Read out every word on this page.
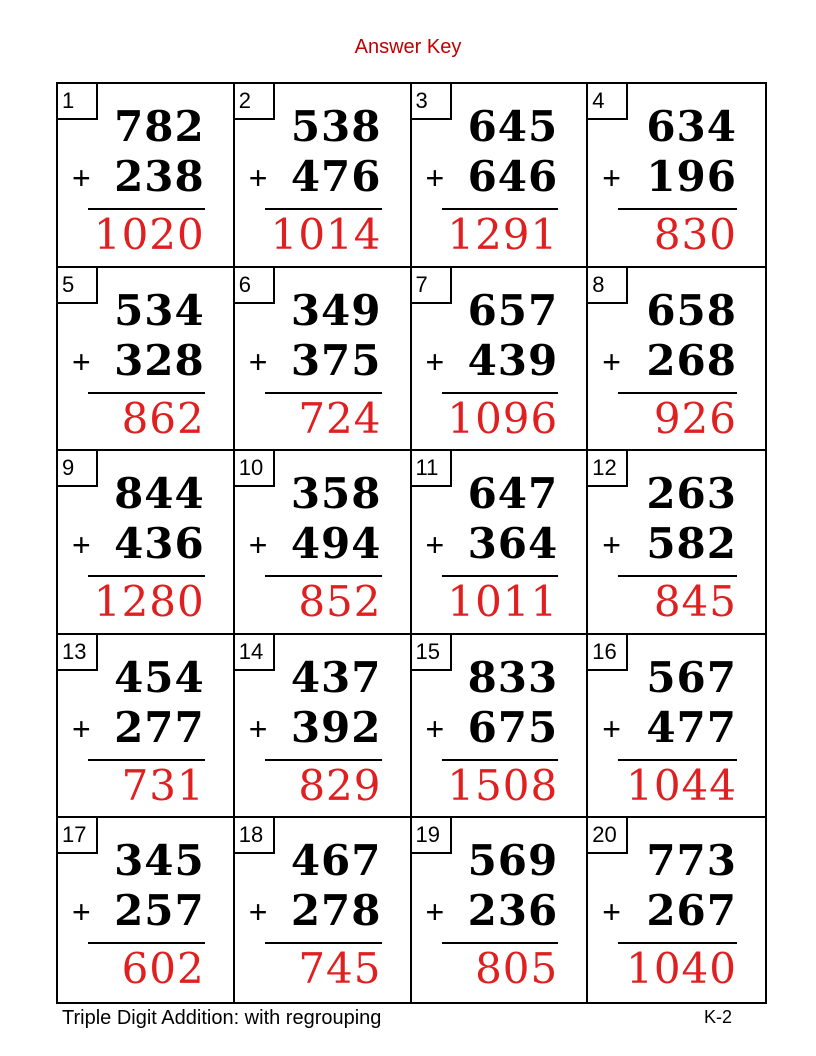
Answer Key
1
782
+ 238
1020
2
538
+ 476
1014
3
645
+ 646
1291
4
634
+ 196
830
5
534
+ 328
862
6
349
+ 375
724
7
657
+ 439
1096
8
658
+ 268
926
9
844
+ 436
1280
10
358
+ 494
852
11
647
+ 364
1011
12
263
+ 582
845
13
454
+ 277
731
14
437
+ 392
829
15
833
+ 675
1508
16
567
+ 477
1044
17
345
+ 257
602
18
467
+ 278
745
19
569
+ 236
805
20
773
+ 267
1040
Triple Digit Addition: with regrouping	K-2
